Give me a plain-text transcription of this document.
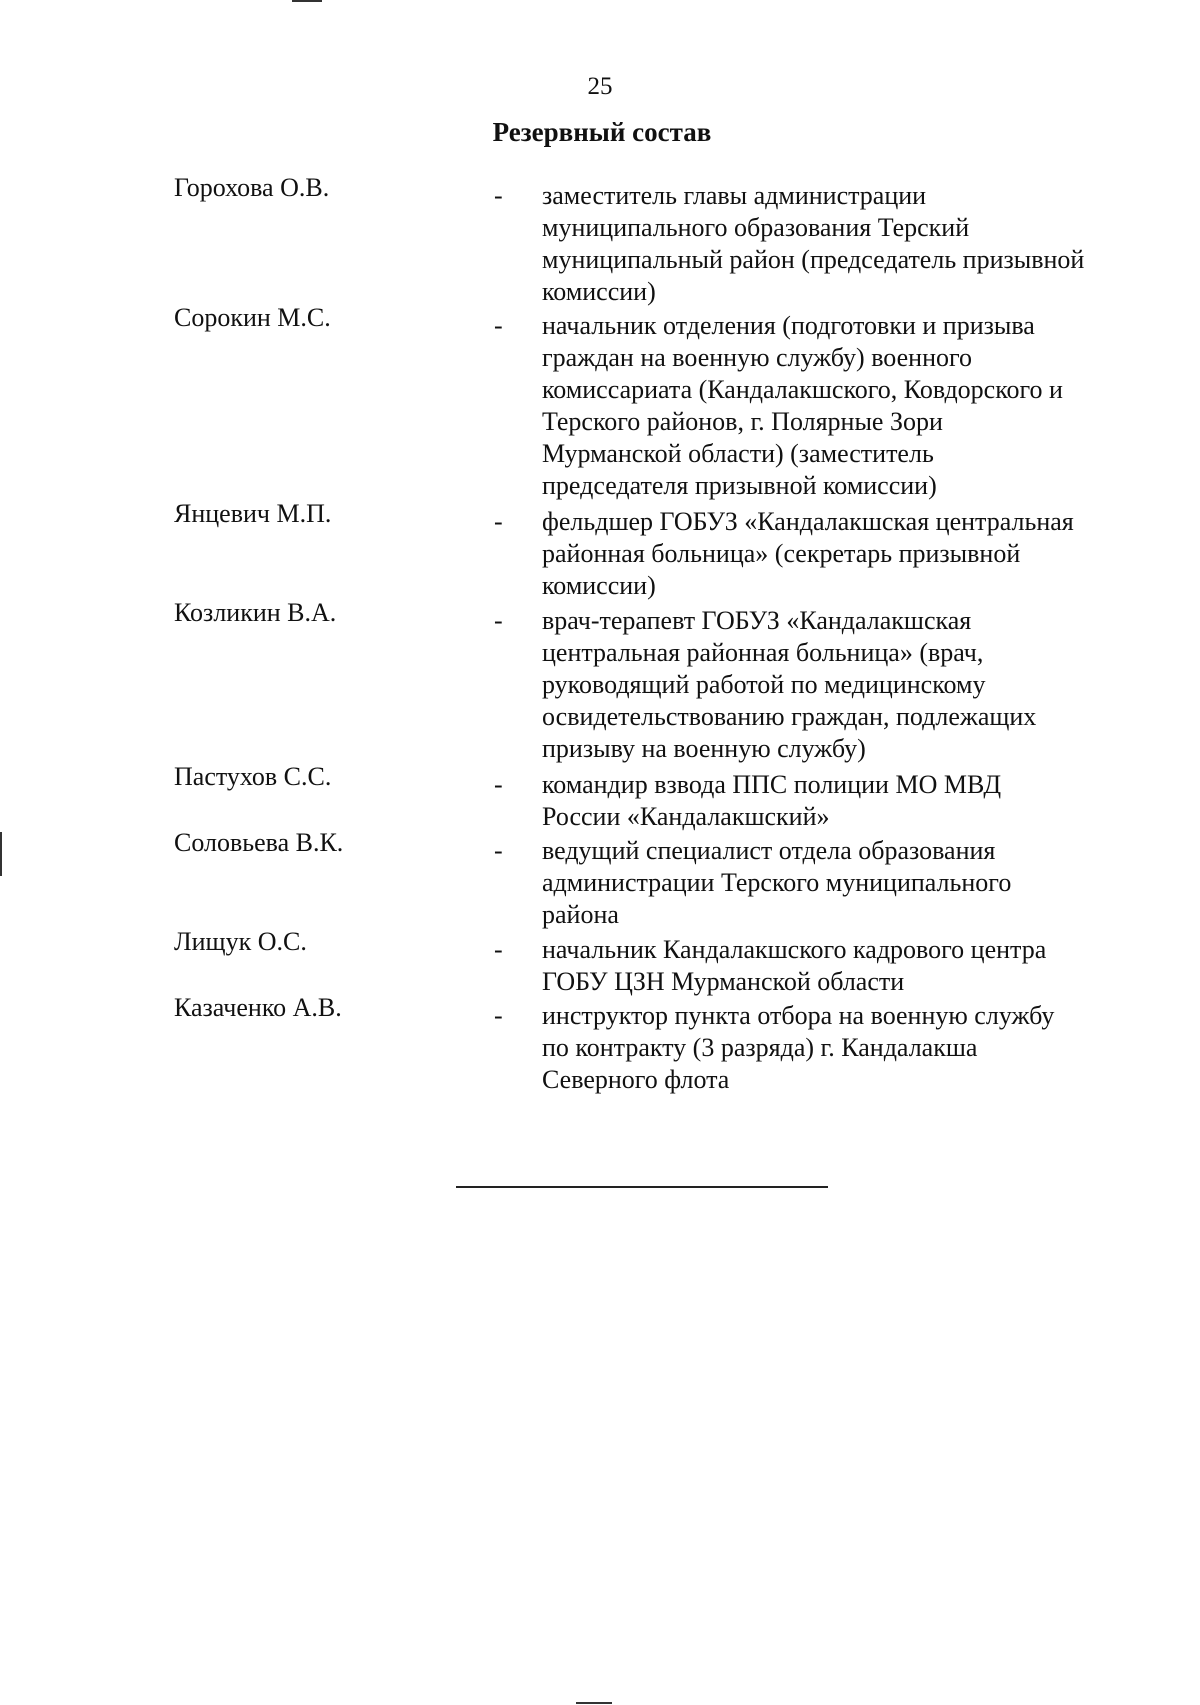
25
Резервный состав
Горохова О.В.	-	заместитель главы администрации
муниципального образования Терский
муниципальный район (председатель призывной
комиссии)
Сорокин М.С.	-	начальник отделения (подготовки и призыва
граждан на военную службу) военного
комиссариата (Кандалакшского, Ковдорского и
Терского районов, г. Полярные Зори
Мурманской области) (заместитель
председателя призывной комиссии)
Янцевич М.П.	-	фельдшер ГОБУЗ «Кандалакшская центральная
районная больница» (секретарь призывной
комиссии)
Козликин В.А.	-	врач-терапевт ГОБУЗ «Кандалакшская
центральная районная больница» (врач,
руководящий работой по медицинскому
освидетельствованию граждан, подлежащих
призыву на военную службу)
Пастухов С.С.	-	командир взвода ППС полиции МО МВД
России «Кандалакшский»
Соловьева В.К.	-	ведущий специалист отдела образования
администрации Терского муниципального
района
Лищук О.С.	-	начальник Кандалакшского кадрового центра
ГОБУ ЦЗН Мурманской области
Казаченко А.В.	-	инструктор пункта отбора на военную службу
по контракту (3 разряда) г. Кандалакша
Северного флота
